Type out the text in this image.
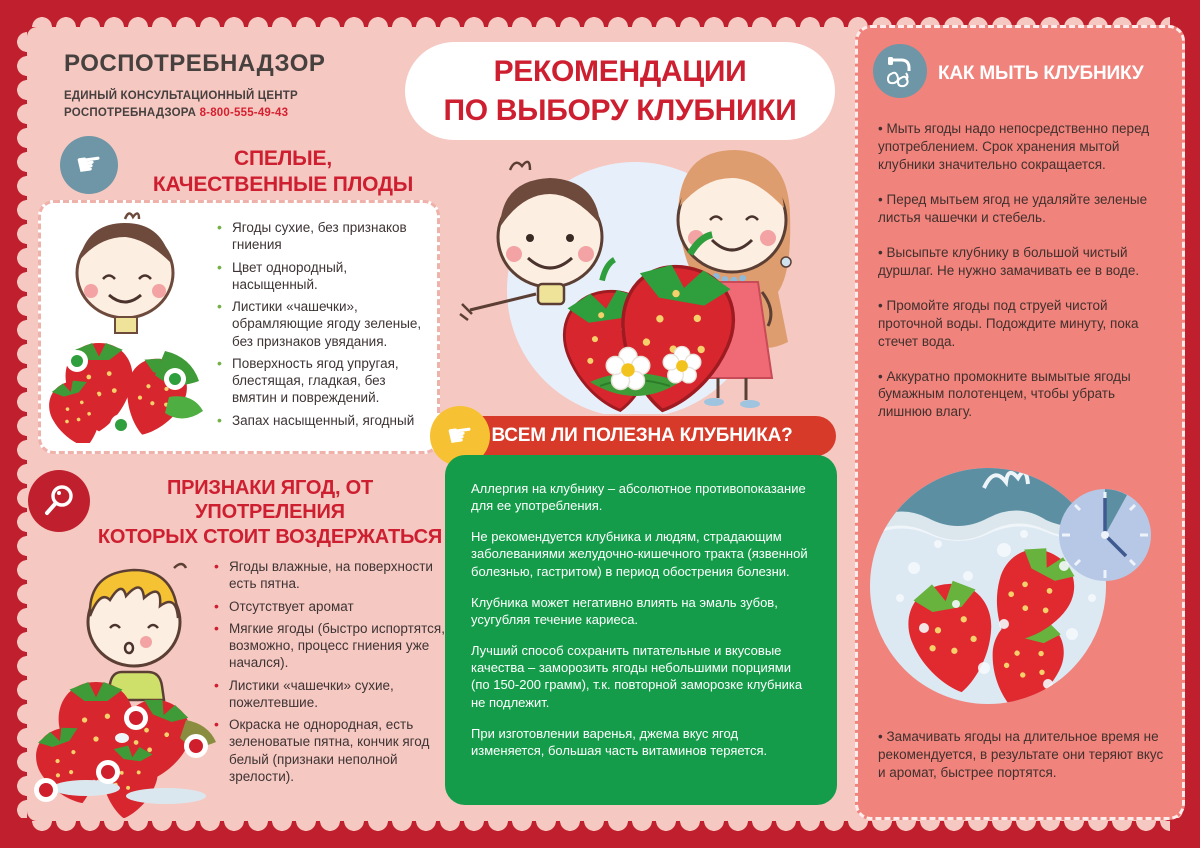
РОСПОТРЕБНАДЗОР
ЕДИНЫЙ КОНСУЛЬТАЦИОННЫЙ ЦЕНТР
РОСПОТРЕБНАДЗОРА 8-800-555-49-43
☛	СПЕЛЫЕ,
КАЧЕСТВЕННЫЕ ПЛОДЫ
• Ягоды сухие, без признаков гниения
• Цвет однородный, насыщенный.
• Листики «чашечки», обрамляющие ягоду зеленые, без признаков увядания.
• Поверхность ягод упругая, блестящая, гладкая, без вмятин и повреждений.
• Запах насыщенный, ягодный
ПРИЗНАКИ ЯГОД, ОТ УПОТРЕЛЕНИЯ
КОТОРЫХ СТОИТ ВОЗДЕРЖАТЬСЯ
• Ягоды влажные, на поверхности есть пятна.
• Отсутствует аромат
• Мягкие ягоды (быстро испортятся, возможно, процесс гниения уже начался).
• Листики «чашечки» сухие, пожелтевшие.
• Окраска не однородная, есть зеленоватые пятна, кончик ягод белый (признаки неполной зрелости).
РЕКОМЕНДАЦИИ
ПО ВЫБОРУ КЛУБНИКИ
ВСЕМ ЛИ ПОЛЕЗНА КЛУБНИКА?
☛

Аллергия на клубнику – абсолютное противопоказание для ее употребления.

Не рекомендуется клубника и людям, страдающим заболеваниями желудочно-кишечного тракта (язвенной болезнью, гастритом) в период обострения болезни.

Клубника может негативно влиять на эмаль зубов, усугубляя течение кариеса.

Лучший способ сохранить питательные и вкусовые качества – заморозить ягоды небольшими порциями (по 150-200 грамм), т.к. повторной заморозке клубника не подлежит.

При изготовлении варенья, джема вкус ягод изменяется, большая часть витаминов теряется.

КАК МЫТЬ КЛУБНИКУ

• Мыть ягоды надо непосредственно перед употреблением. Срок хранения мытой клубники значительно сокращается.

• Перед мытьем ягод не удаляйте зеленые листья чашечки и стебель.

• Высыпьте клубнику в большой чистый дуршлаг. Не нужно замачивать ее в воде.

• Промойте ягоды под струей чистой проточной воды. Подождите минуту, пока стечет вода.

• Аккуратно промокните вымытые ягоды бумажным полотенцем, чтобы убрать лишнюю влагу.

• Замачивать ягоды на длительное время не рекомендуется, в результате они теряют вкус и аромат, быстрее портятся.
